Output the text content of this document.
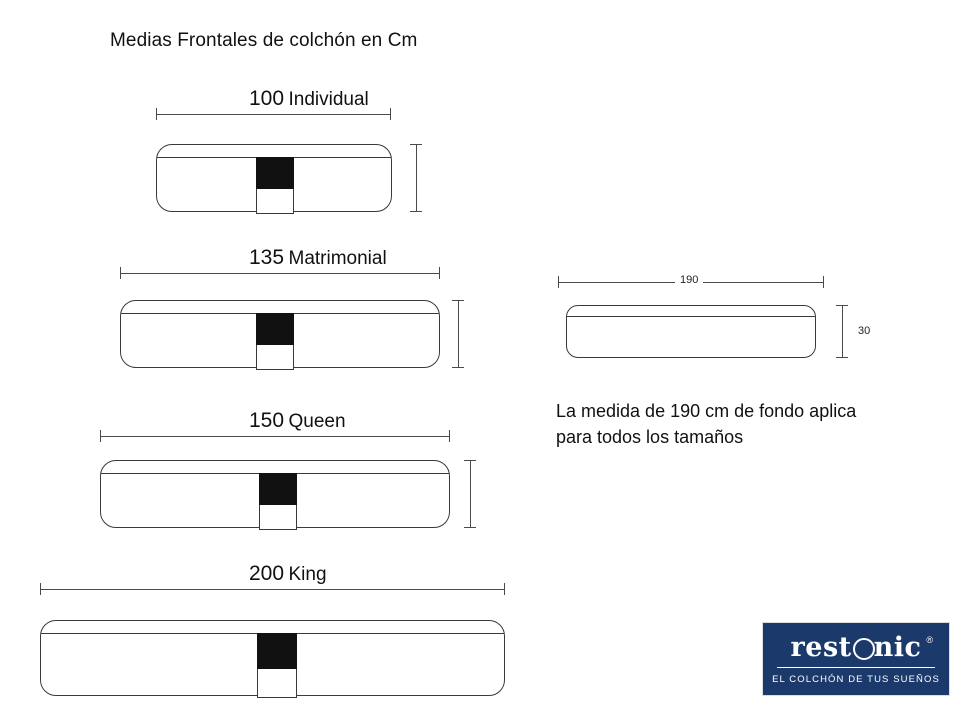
Medias Frontales de colchón en Cm
100 Individual
135 Matrimonial
150 Queen
200 King
190
30
La medida de 190 cm de fondo aplica para todos los tamaños
rest nic ®
EL COLCHÓN DE TUS SUEÑOS
